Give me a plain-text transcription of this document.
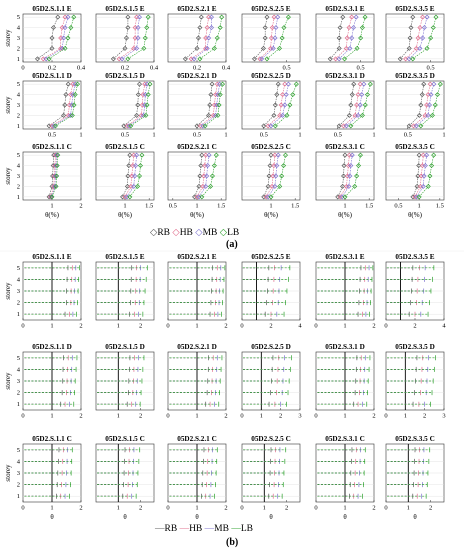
0	0.2	0.4
1
2
3
4
5
storey
05D2.S.1.1 E
0.2	0.4
05D2.S.1.5 E
0.2	0.4
05D2.S.2.1 E
0.5
05D2.S.2.5 E
0.5
05D2.S.3.1 E
0.5
05D2.S.3.5 E
0.5	1
1
2
3
4
5
storey
05D2.S.1.1 D
0.5	1
05D2.S.1.5 D
0.5	1
05D2.S.2.1 D
0.5	1
05D2.S.2.5 D
0.5	1
05D2.S.3.1 D
0.5	1
05D2.S.3.5 D
1	2
1
2
3
4
5
storey
05D2.S.1.1 C
θ(%)
1	1.5
05D2.S.1.5 C
θ(%)
0.5	1	1.5
05D2.S.2.1 C
θ(%)
1	1.5
05D2.S.2.5 C
θ(%)
1	1.5
05D2.S.3.1 C
θ(%)
0.5 1 1.5
05D2.S.3.5 C
θ(%)
0	1	2
1
2
3
4
5
storey
05D2.S.1.1 E
1	2
05D2.S.1.5 E
0	1	2
05D2.S.2.1 E
0	2	4
05D2.S.2.5 E
0	1	2
05D2.S.3.1 E
0	2	4
05D2.S.3.5 E
0	1	2
1
2
3
4
5
storey
05D2.S.1.1 D
1	2
05D2.S.1.5 D
0	1	2
05D2.S.2.1 D
0 1 2 3
05D2.S.2.5 D
0	1	2
05D2.S.3.1 D
0 1 2 3
05D2.S.3.5 D
0	1	2
1
2
3
4
5
storey
05D2.S.1.1 C
θ
1	2
05D2.S.1.5 C
θ
0	1	2
05D2.S.2.1 C
θ
0	1	2
05D2.S.2.5 C
θ
0	1	2
05D2.S.3.1 C
θ
0	1	2
05D2.S.3.5 C
θ
◇RB ◇HB ◇MB ◇LB
(a)
—RB —HB —MB —LB
(b)
